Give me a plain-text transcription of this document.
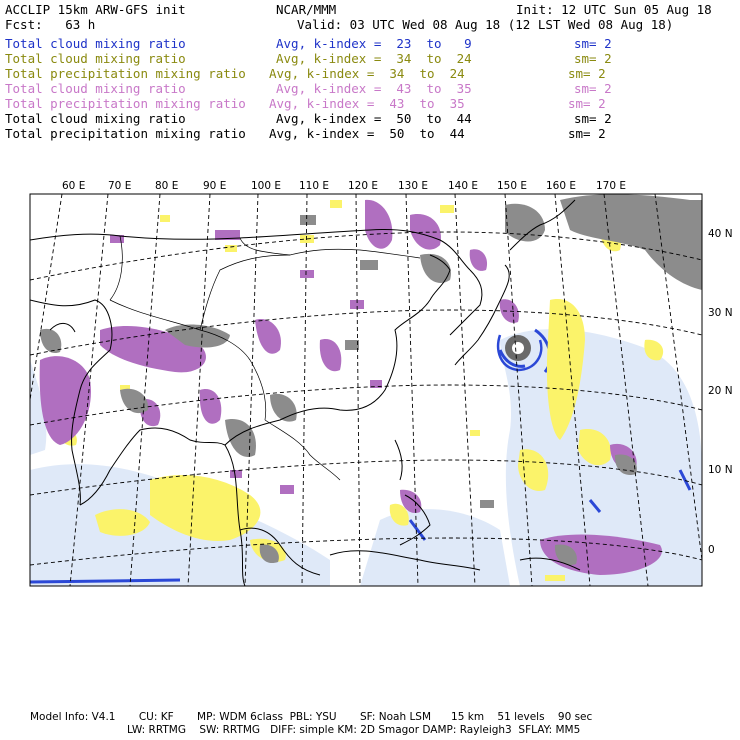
ACCLIP 15km ARW-GFS init	NCAR/MMM	Init: 12 UTC Sun 05 Aug 18
Fcst:   63 h	Valid: 03 UTC Wed 08 Aug 18 (12 LST Wed 08 Aug 18)
Total cloud mixing ratio	Avg, k-index =  23  to   9	sm= 2
Total cloud mixing ratio	Avg, k-index =  34  to  24	sm= 2
Total precipitation mixing ratio Avg, k-index =  34  to  24	sm= 2
Total cloud mixing ratio	Avg, k-index =  43  to  35	sm= 2
Total precipitation mixing ratio Avg, k-index =  43  to  35	sm= 2
Total cloud mixing ratio	Avg, k-index =  50  to  44	sm= 2
Total precipitation mixing ratio Avg, k-index =  50  to  44	sm= 2
60 E 70 E 80 E 90 E 100 E 110 E 120 E 130 E 140 E 150 E 160 E 170 E
40 N
30 N
20 N
10 N
0
Model Info: V4.1       CU: KF       MP: WDM 6class  PBL: YSU       SF: Noah LSM      15 km    51 levels    90 sec
LW: RRTMG    SW: RRTMG   DIFF: simple KM: 2D Smagor DAMP: Rayleigh3  SFLAY: MM5
